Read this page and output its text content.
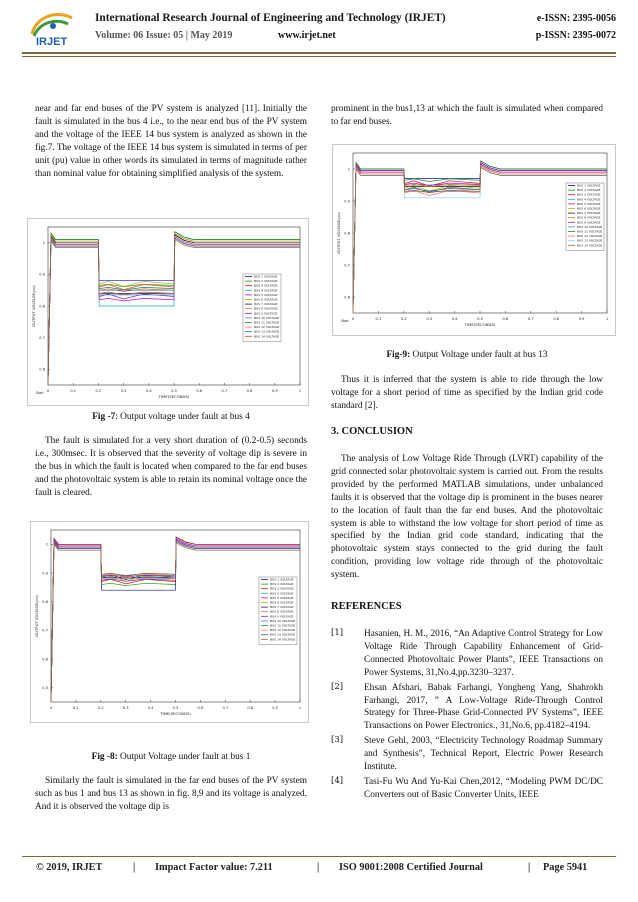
IRJET
International Research Journal of Engineering and Technology (IRJET)	e-ISSN: 2395-0056
Volume: 06 Issue: 05 | May 2019	www.irjet.net	p-ISSN: 2395-0072
near and far end buses of the PV system is analyzed [11]. Initially the fault is simulated in the bus 4 i.e., to the near end bus of the PV system and the voltage of the IEEE 14 bus system is analyzed as shown in the fig.7. The voltage of the IEEE 14 bus system is simulated in terms of per unit (pu) value in other words its simulated in terms of magnitude rather than nominal value for obtaining simplified analysis of the system.
0	0.1	0.2	0.3	0.4	0.5	0.6	0.7	0.8	0.9	1
1
0.9
0.8
0.7
0.6
TIME(SECONDS)
OUTPUT VOLTAGE(pu)
Start
BUS 1 VOLTAGE
BUS 2 VOLTAGE
BUS 3 VOLTAGE
BUS 4 VOLTAGE
BUS 5 VOLTAGE
BUS 6 VOLTAGE
BUS 7 VOLTAGE
BUS 8 VOLTAGE
BUS 9 VOLTAGE
BUS 10 VOLTAGE
BUS 11 VOLTAGE
BUS 12 VOLTAGE
BUS 13 VOLTAGE
BUS 14 VOLTAGE
Fig -7: Output voltage under fault at bus 4
The fault is simulated for a very short duration of (0.2-0.5) seconds i.e., 300msec. It is observed that the severity of voltage dip is severe in the bus in which the fault is located when compared to the far end buses and the photovoltaic system is able to retain its nominal voltage once the fault is cleared.
0	0.1	0.2	0.3	0.4	0.5	0.6	0.7	0.8	0.9	1
1
0.9
0.8
0.7
0.6
0.5
TIME(SECONDS)
OUTPUT VOLTAGE(pu)
BUS 1 VOLTAGE
BUS 2 VOLTAGE
BUS 3 VOLTAGE
BUS 4 VOLTAGE
BUS 5 VOLTAGE
BUS 6 VOLTAGE
BUS 7 VOLTAGE
BUS 8 VOLTAGE
BUS 9 VOLTAGE
BUS 10 VOLTAGE
BUS 11 VOLTAGE
BUS 12 VOLTAGE
BUS 13 VOLTAGE
BUS 14 VOLTAGE
Fig -8: Output Voltage under fault at bus 1
Similarly the fault is simulated in the far end buses of the PV system such as bus 1 and bus 13 as shown in fig. 8,9 and its voltage is analyzed. And it is observed the voltage dip is
prominent in the bus1,13 at which the fault is simulated when compared to far end buses.
0	0.1	0.2	0.3	0.4	0.5	0.6	0.7	0.8	0.9	1
1
0.9
0.8
0.7
0.6
TIME(SECONDS)
OUTPUT VOLTAGE(pu)
Start
BUS 1 VOLTAGE
BUS 2 VOLTAGE
BUS 3 VOLTAGE
BUS 4 VOLTAGE
BUS 5 VOLTAGE
BUS 6 VOLTAGE
BUS 7 VOLTAGE
BUS 8 VOLTAGE
BUS 9 VOLTAGE
BUS 10 VOLTAGE
BUS 11 VOLTAGE
BUS 12 VOLTAGE
BUS 13 VOLTAGE
BUS 14 VOLTAGE
Fig-9: Output Voltage under fault at bus 13
Thus it is inferred that the system is able to ride through the low voltage for a short period of time as specified by the Indian grid code standard [2].
3. CONCLUSION
The analysis of Low Voltage Ride Through (LVRT) capability of the grid connected solar photovoltaic system is carried out. From the results provided by the performed MATLAB simulations, under unbalanced faults it is observed that the voltage dip is prominent in the buses nearer to the location of fault than the far end buses. And the photovoltaic system is able to withstand the low voltage for short period of time as specified by the Indian grid code standard, indicating that the photovoltaic system stays connected to the grid during the fault condition, providing low voltage ride through of the photovoltaic system.
REFERENCES
[1] Hasanien, H. M., 2016, “An Adaptive Control Strategy for Low Voltage Ride Through Capability Enhancement of Grid-Connected Photovoltaic Power Plants”, IEEE Transactions on Power Systems, 31,No.4,pp.3230–3237.
[2] Ehsan Afshari, Babak Farhangi, Yongheng Yang, Shahrokh Farhangi, 2017, ” A Low-Voltage Ride-Through Control Strategy for Three-Phase Grid-Connected PV Systems”, IEEE Transactions on Power Electronics., 31,No.6, pp.4182–4194.
[3] Steve Gehl, 2003, “Electricity Technology Roadmap Summary and Synthesis”, Technical Report, Electric Power Research Institute.
[4] Tasi-Fu Wu And Yu-Kai Chen,2012, “Modeling PWM DC/DC Converters out of Basic Converter Units, IEEE
© 2019, IRJET	| Impact Factor value: 7.211	| ISO 9001:2008 Certified Journal	| Page 5941
